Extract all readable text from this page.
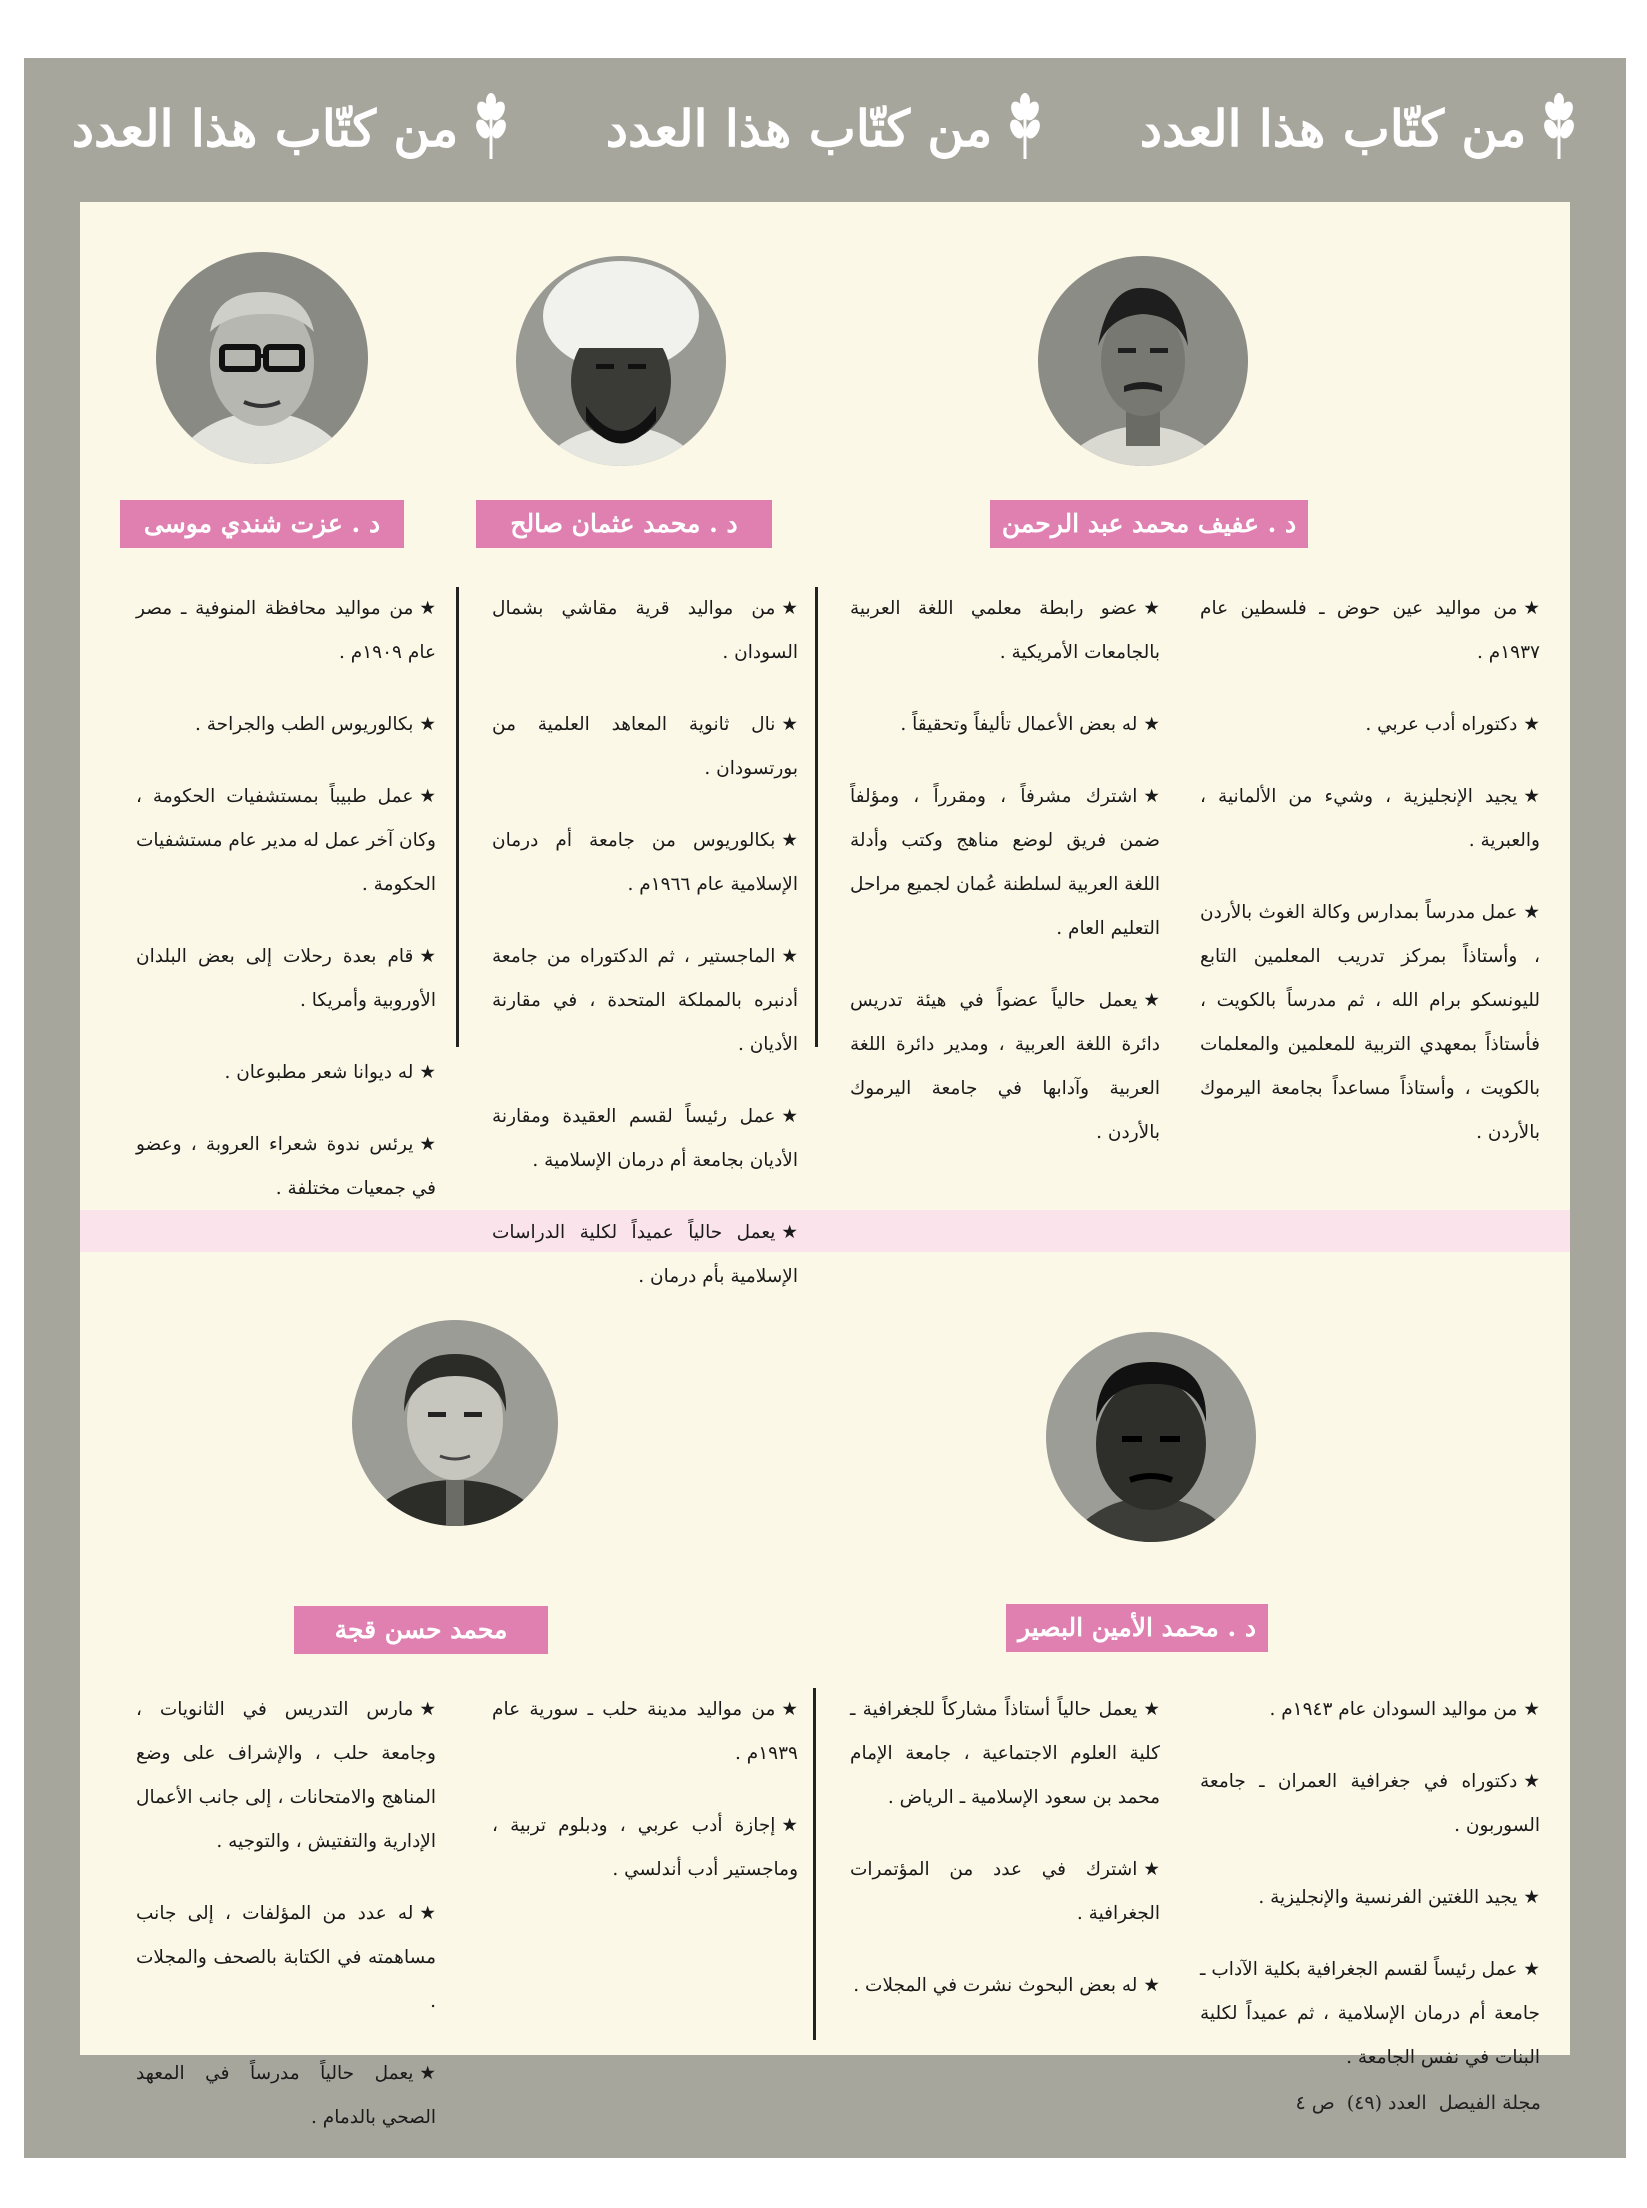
من كتّاب هذا العدد
من كتّاب هذا العدد
من كتّاب هذا العدد
د . عفيف محمد عبد الرحمن
د . محمد عثمان صالح
د . عزت شندي موسى

★من مواليد عين حوض ـ فلسطين عام ١٩٣٧م .

★دكتوراه أدب عربي .

★يجيد الإنجليزية ، وشيء من الألمانية ، والعبرية .

★عمل مدرساً بمدارس وكالة الغوث بالأردن ، وأستاذاً بمركز تدريب المعلمين التابع لليونسكو برام الله ، ثم مدرساً بالكويت ، فأستاذاً بمعهدي التربية للمعلمين والمعلمات بالكويت ، وأستاذاً مساعداً بجامعة اليرموك بالأردن .

★عضو رابطة معلمي اللغة العربية بالجامعات الأمريكية .

★له بعض الأعمال تأليفاً وتحقيقاً .

★اشترك مشرفاً ، ومقرراً ، ومؤلفاً ضمن فريق لوضع مناهج وكتب وأدلة اللغة العربية لسلطنة عُمان لجميع مراحل التعليم العام .

★يعمل حالياً عضواً في هيئة تدريس دائرة اللغة العربية ، ومدير دائرة اللغة العربية وآدابها في جامعة اليرموك بالأردن .

★من مواليد قرية مقاشي بشمال السودان .

★نال ثانوية المعاهد العلمية من بورتسودان .

★بكالوريوس من جامعة أم درمان الإسلامية عام ١٩٦٦م .

★الماجستير ، ثم الدكتوراه من جامعة أدنبره بالمملكة المتحدة ، في مقارنة الأديان .

★عمل رئيساً لقسم العقيدة ومقارنة الأديان بجامعة أم درمان الإسلامية .

★يعمل حالياً عميداً لكلية الدراسات الإسلامية بأم درمان .

★من مواليد محافظة المنوفية ـ مصر عام ١٩٠٩م .

★بكالوريوس الطب والجراحة .

★عمل طبيباً بمستشفيات الحكومة ، وكان آخر عمل له مدير عام مستشفيات الحكومة .

★قام بعدة رحلات إلى بعض البلدان الأوروبية وأمريكا .

★له ديوانا شعر مطبوعان .

★يرئس ندوة شعراء العروبة ، وعضو في جمعيات مختلفة .

د . محمد الأمين البصير
محمد حسن قجة

★من مواليد السودان عام ١٩٤٣م .

★دكتوراه في جغرافية العمران ـ جامعة السوربون .

★يجيد اللغتين الفرنسية والإنجليزية .

★عمل رئيساً لقسم الجغرافية بكلية الآداب ـ جامعة أم درمان الإسلامية ، ثم عميداً لكلية البنات في نفس الجامعة .

★يعمل حالياً أستاذاً مشاركاً للجغرافية ـ كلية العلوم الاجتماعية ، جامعة الإمام محمد بن سعود الإسلامية ـ الرياض .

★اشترك في عدد من المؤتمرات الجغرافية .

★له بعض البحوث نشرت في المجلات .

★من مواليد مدينة حلب ـ سورية عام ١٩٣٩م .

★إجازة أدب عربي ، ودبلوم تربية ، وماجستير أدب أندلسي .

★مارس التدريس في الثانويات ، وجامعة حلب ، والإشراف على وضع المناهج والامتحانات ، إلى جانب الأعمال الإدارية والتفتيش ، والتوجيه .

★له عدد من المؤلفات ، إلى جانب مساهمته في الكتابة بالصحف والمجلات .

★يعمل حالياً مدرساً في المعهد الصحي بالدمام .

مجلة الفيصل العدد (٤٩) ص ٤
